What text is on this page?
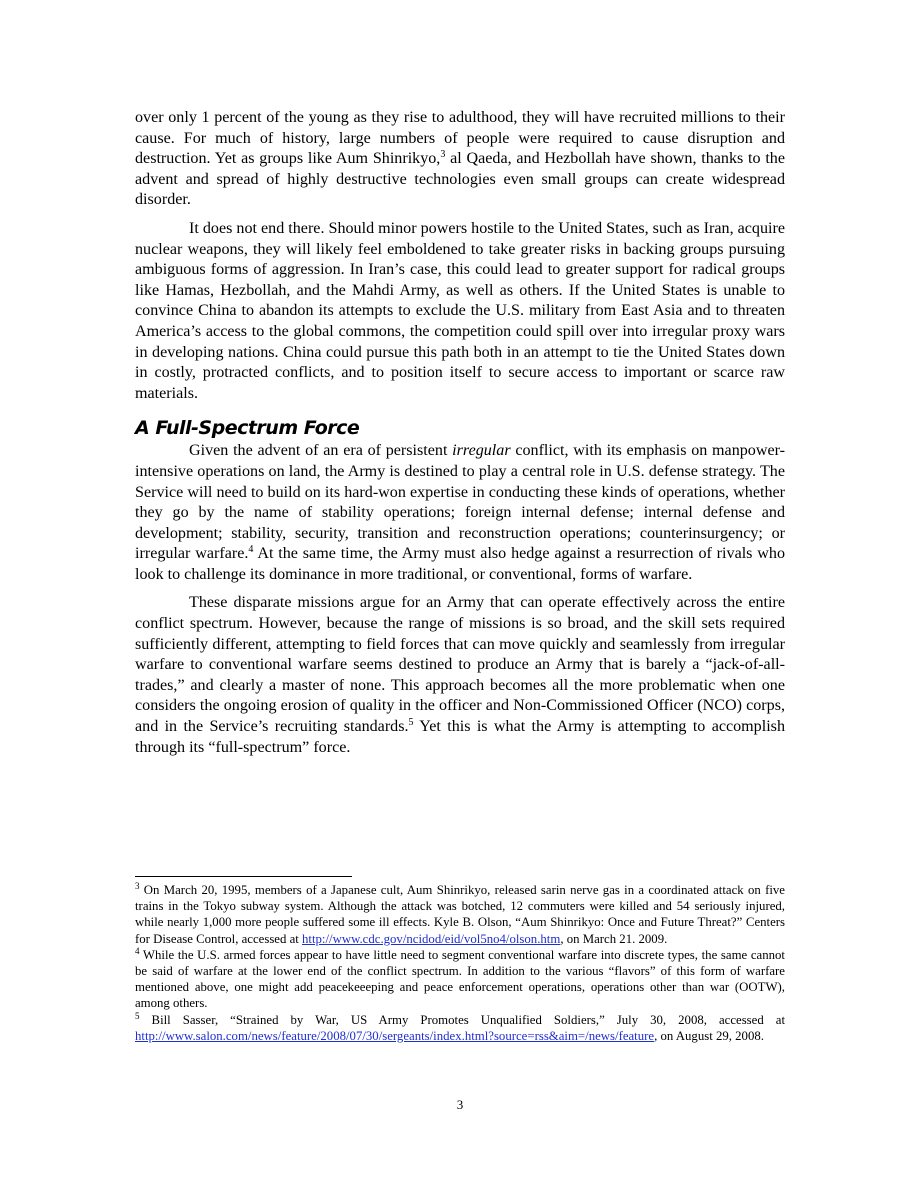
over only 1 percent of the young as they rise to adulthood, they will have recruited millions to their cause. For much of history, large numbers of people were required to cause disruption and destruction. Yet as groups like Aum Shinrikyo,$^3$ al Qaeda, and Hezbollah have shown, thanks to the advent and spread of highly destructive technologies even small groups can create widespread disorder.

It does not end there. Should minor powers hostile to the United States, such as Iran, acquire nuclear weapons, they will likely feel emboldened to take greater risks in backing groups pursuing ambiguous forms of aggression. In Iran’s case, this could lead to greater support for radical groups like Hamas, Hezbollah, and the Mahdi Army, as well as others. If the United States is unable to convince China to abandon its attempts to exclude the U.S. military from East Asia and to threaten America’s access to the global commons, the competition could spill over into irregular proxy wars in developing nations. China could pursue this path both in an attempt to tie the United States down in costly, protracted conflicts, and to position itself to secure access to important or scarce raw materials.

A Full-Spectrum Force

Given the advent of an era of persistent irregular conflict, with its emphasis on manpower-intensive operations on land, the Army is destined to play a central role in U.S. defense strategy. The Service will need to build on its hard-won expertise in conducting these kinds of operations, whether they go by the name of stability operations; foreign internal defense; internal defense and development; stability, security, transition and reconstruction operations; counterinsurgency; or irregular warfare.$^4$ At the same time, the Army must also hedge against a resurrection of rivals who look to challenge its dominance in more traditional, or conventional, forms of warfare.

These disparate missions argue for an Army that can operate effectively across the entire conflict spectrum. However, because the range of missions is so broad, and the skill sets required sufficiently different, attempting to field forces that can move quickly and seamlessly from irregular warfare to conventional warfare seems destined to produce an Army that is barely a “jack-of-all-trades,” and clearly a master of none. This approach becomes all the more problematic when one considers the ongoing erosion of quality in the officer and Non-Commissioned Officer (NCO) corps, and in the Service’s recruiting standards.$^5$ Yet this is what the Army is attempting to accomplish through its “full-spectrum” force.

$^3$ On March 20, 1995, members of a Japanese cult, Aum Shinrikyo, released sarin nerve gas in a coordinated attack on five trains in the Tokyo subway system. Although the attack was botched, 12 commuters were killed and 54 seriously injured, while nearly 1,000 more people suffered some ill effects. Kyle B. Olson, “Aum Shinrikyo: Once and Future Threat?” Centers for Disease Control, accessed at http://www.cdc.gov/ncidod/eid/vol5no4/olson.htm, on March 21. 2009.

$^4$ While the U.S. armed forces appear to have little need to segment conventional warfare into discrete types, the same cannot be said of warfare at the lower end of the conflict spectrum. In addition to the various “flavors” of this form of warfare mentioned above, one might add peacekeeeping and peace enforcement operations, operations other than war (OOTW), among others.

$^5$ Bill Sasser, “Strained by War, US Army Promotes Unqualified Soldiers,” July 30, 2008, accessed at http://www.salon.com/news/feature/2008/07/30/sergeants/index.html?source=rss&aim=/news/feature, on August 29, 2008.

3
